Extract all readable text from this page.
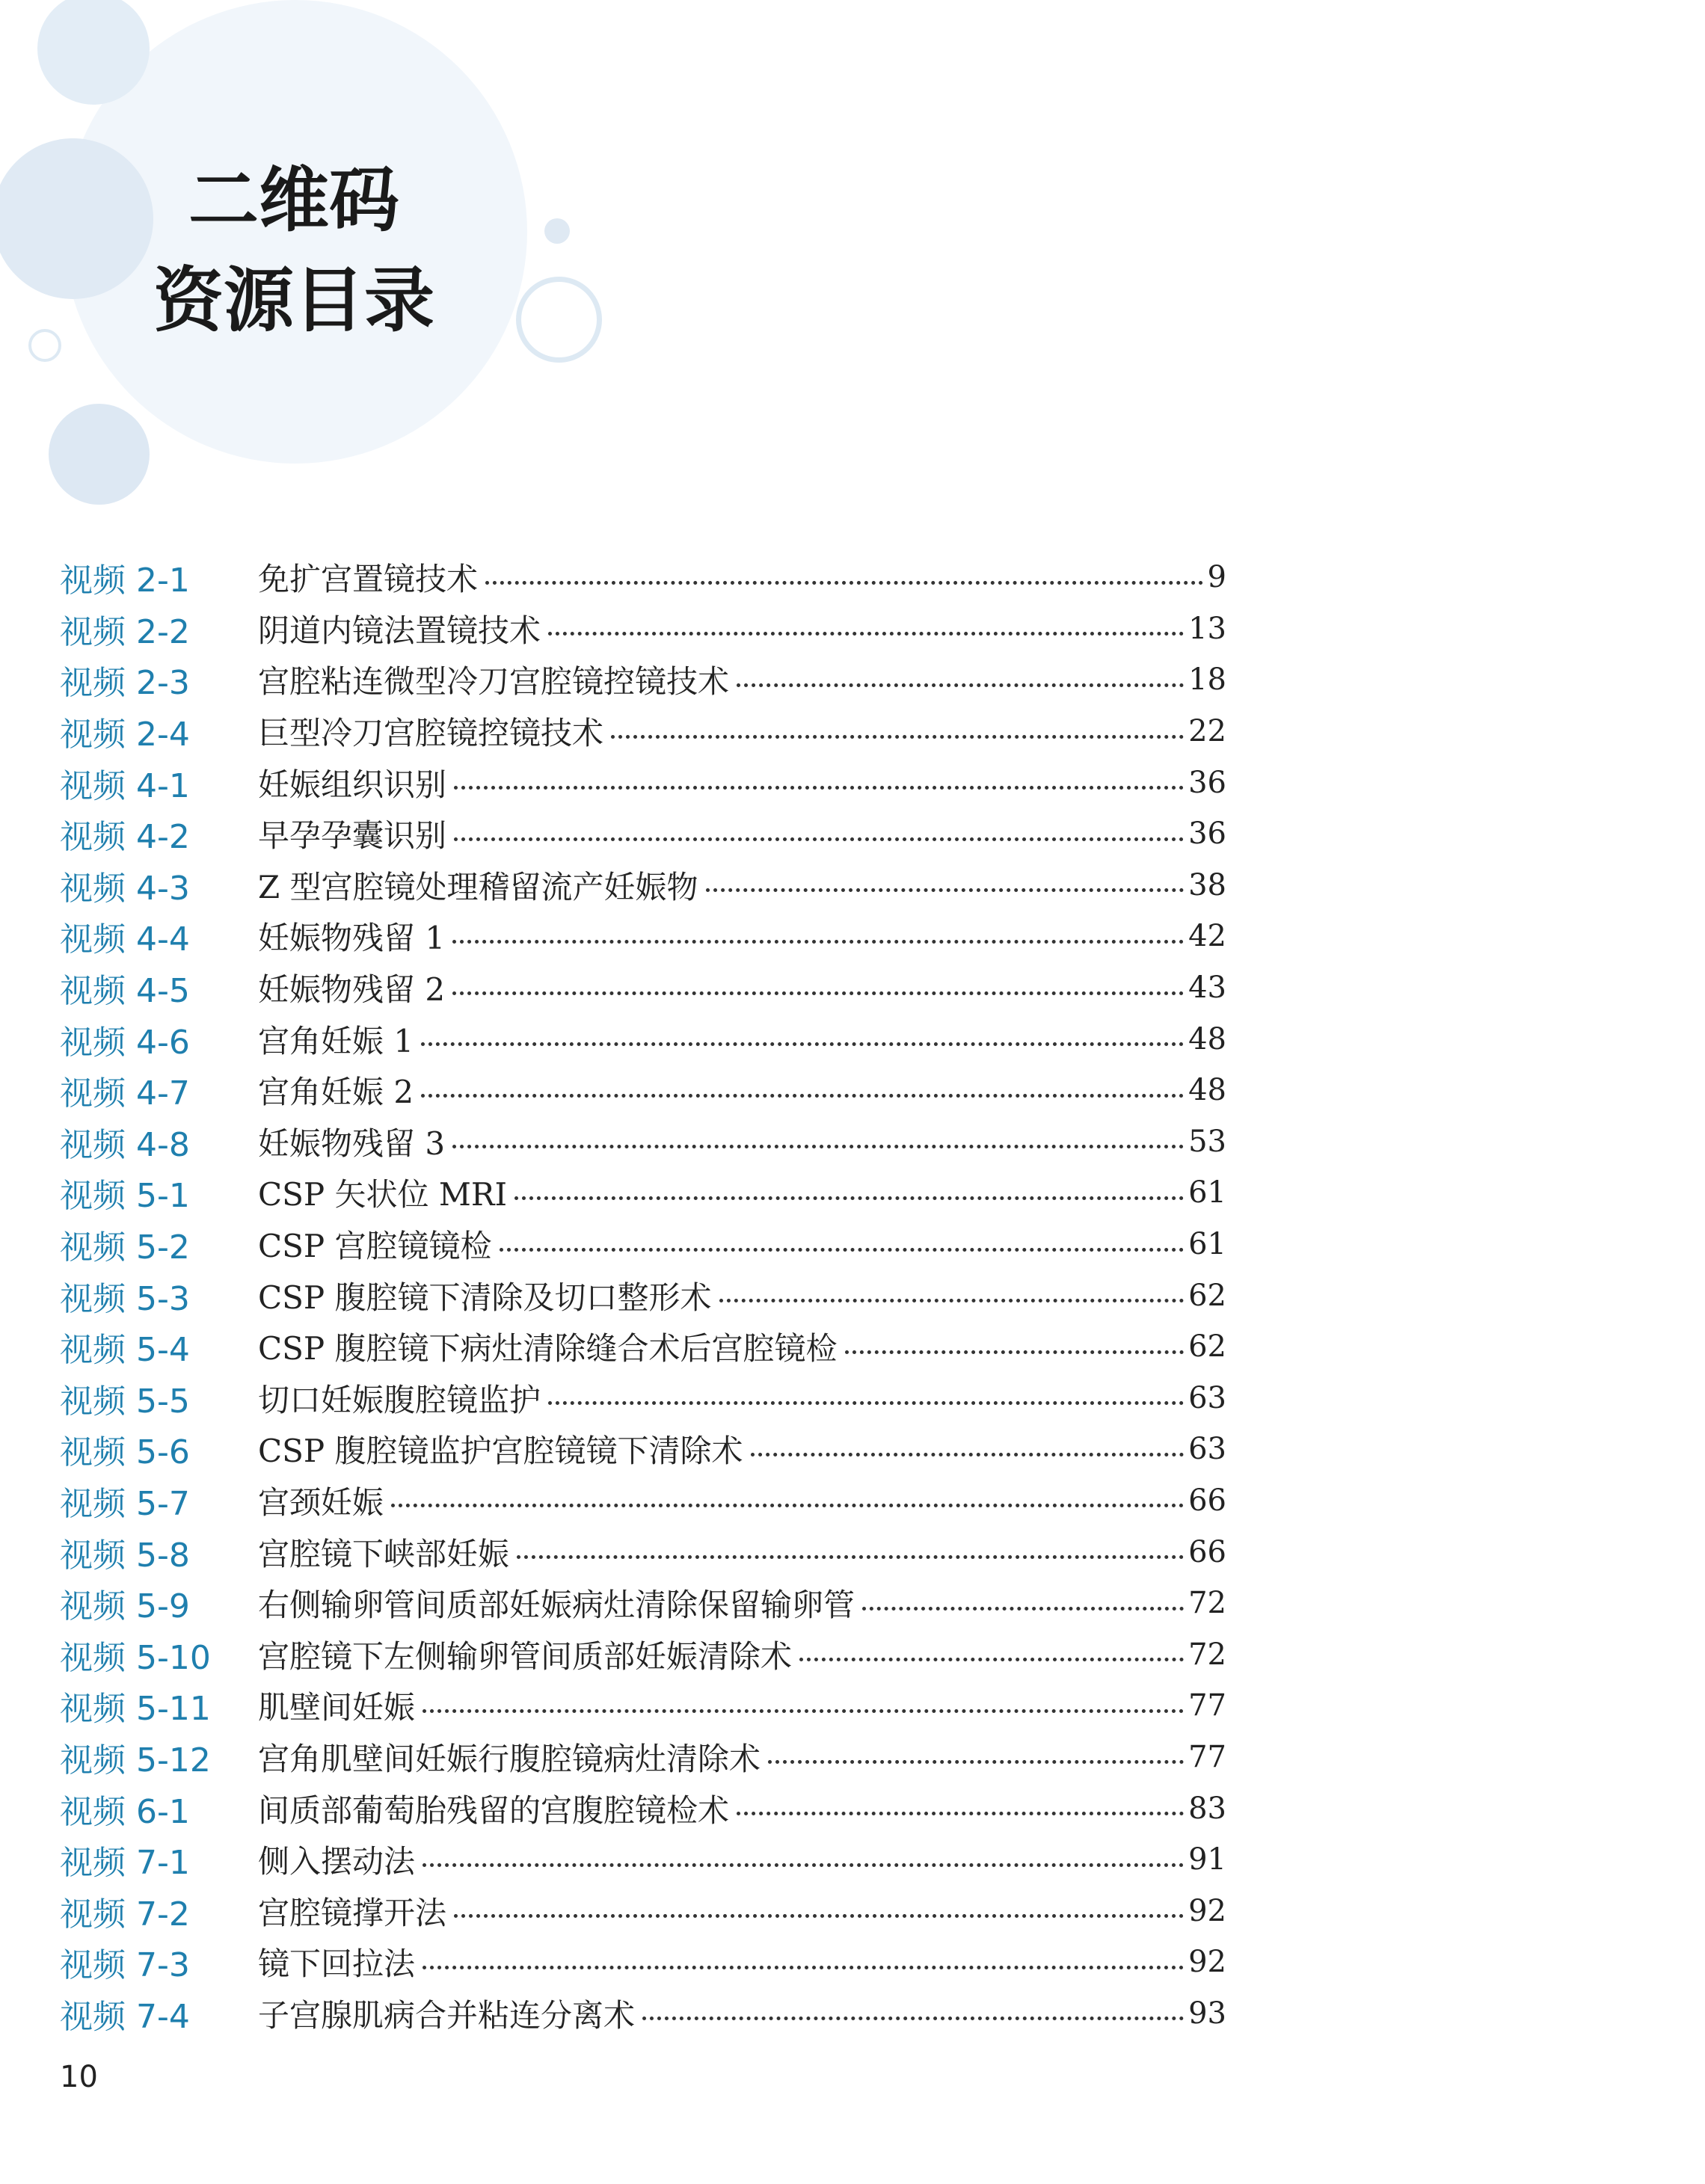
二维码
资源目录
视频 2-1	免扩宫置镜技术	9
视频 2-2	阴道内镜法置镜技术	13
视频 2-3	宫腔粘连微型冷刀宫腔镜控镜技术	18
视频 2-4	巨型冷刀宫腔镜控镜技术	22
视频 4-1	妊娠组织识别	36
视频 4-2	早孕孕囊识别	36
视频 4-3	Z 型宫腔镜处理稽留流产妊娠物	38
视频 4-4	妊娠物残留 1	42
视频 4-5	妊娠物残留 2	43
视频 4-6	宫角妊娠 1	48
视频 4-7	宫角妊娠 2	48
视频 4-8	妊娠物残留 3	53
视频 5-1	CSP 矢状位 MRI	61
视频 5-2	CSP 宫腔镜镜检	61
视频 5-3	CSP 腹腔镜下清除及切口整形术	62
视频 5-4	CSP 腹腔镜下病灶清除缝合术后宫腔镜检	62
视频 5-5	切口妊娠腹腔镜监护	63
视频 5-6	CSP 腹腔镜监护宫腔镜镜下清除术	63
视频 5-7	宫颈妊娠	66
视频 5-8	宫腔镜下峡部妊娠	66
视频 5-9	右侧输卵管间质部妊娠病灶清除保留输卵管	72
视频 5-10	宫腔镜下左侧输卵管间质部妊娠清除术	72
视频 5-11	肌壁间妊娠	77
视频 5-12	宫角肌壁间妊娠行腹腔镜病灶清除术	77
视频 6-1	间质部葡萄胎残留的宫腹腔镜检术	83
视频 7-1	侧入摆动法	91
视频 7-2	宫腔镜撑开法	92
视频 7-3	镜下回拉法	92
视频 7-4	子宫腺肌病合并粘连分离术	93
10
